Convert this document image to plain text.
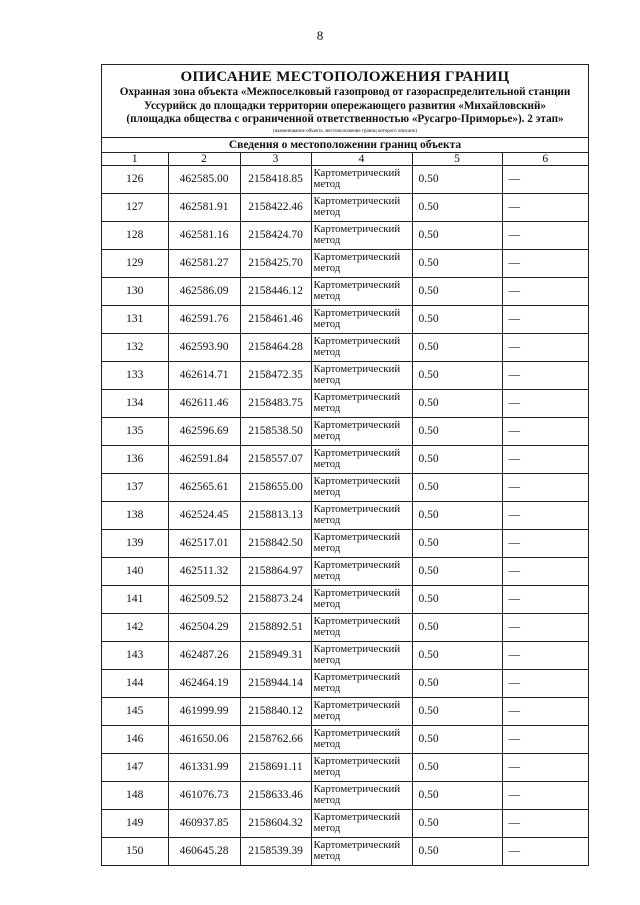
8
ОПИСАНИЕ МЕСТОПОЛОЖЕНИЯ ГРАНИЦ
Охранная зона объекта «Межпоселковый газопровод от газораспределительной станции
Уссурийск до площадки территории опережающего развития «Михайловский»
(площадка общества с ограниченной ответственностью «Русагро-Приморье»). 2 этап»
(наименование объекта, местоположение границ которого описано)
Сведения о местоположении границ объекта
1	2	3	4	5	6
126	462585.00	2158418.85	Картометрический метод	0.50	—
127	462581.91	2158422.46	Картометрический метод	0.50	—
128	462581.16	2158424.70	Картометрический метод	0.50	—
129	462581.27	2158425.70	Картометрический метод	0.50	—
130	462586.09	2158446.12	Картометрический метод	0.50	—
131	462591.76	2158461.46	Картометрический метод	0.50	—
132	462593.90	2158464.28	Картометрический метод	0.50	—
133	462614.71	2158472.35	Картометрический метод	0.50	—
134	462611.46	2158483.75	Картометрический метод	0.50	—
135	462596.69	2158538.50	Картометрический метод	0.50	—
136	462591.84	2158557.07	Картометрический метод	0.50	—
137	462565.61	2158655.00	Картометрический метод	0.50	—
138	462524.45	2158813.13	Картометрический метод	0.50	—
139	462517.01	2158842.50	Картометрический метод	0.50	—
140	462511.32	2158864.97	Картометрический метод	0.50	—
141	462509.52	2158873.24	Картометрический метод	0.50	—
142	462504.29	2158892.51	Картометрический метод	0.50	—
143	462487.26	2158949.31	Картометрический метод	0.50	—
144	462464.19	2158944.14	Картометрический метод	0.50	—
145	461999.99	2158840.12	Картометрический метод	0.50	—
146	461650.06	2158762.66	Картометрический метод	0.50	—
147	461331.99	2158691.11	Картометрический метод	0.50	—
148	461076.73	2158633.46	Картометрический метод	0.50	—
149	460937.85	2158604.32	Картометрический метод	0.50	—
150	460645.28	2158539.39	Картометрический метод	0.50	—
